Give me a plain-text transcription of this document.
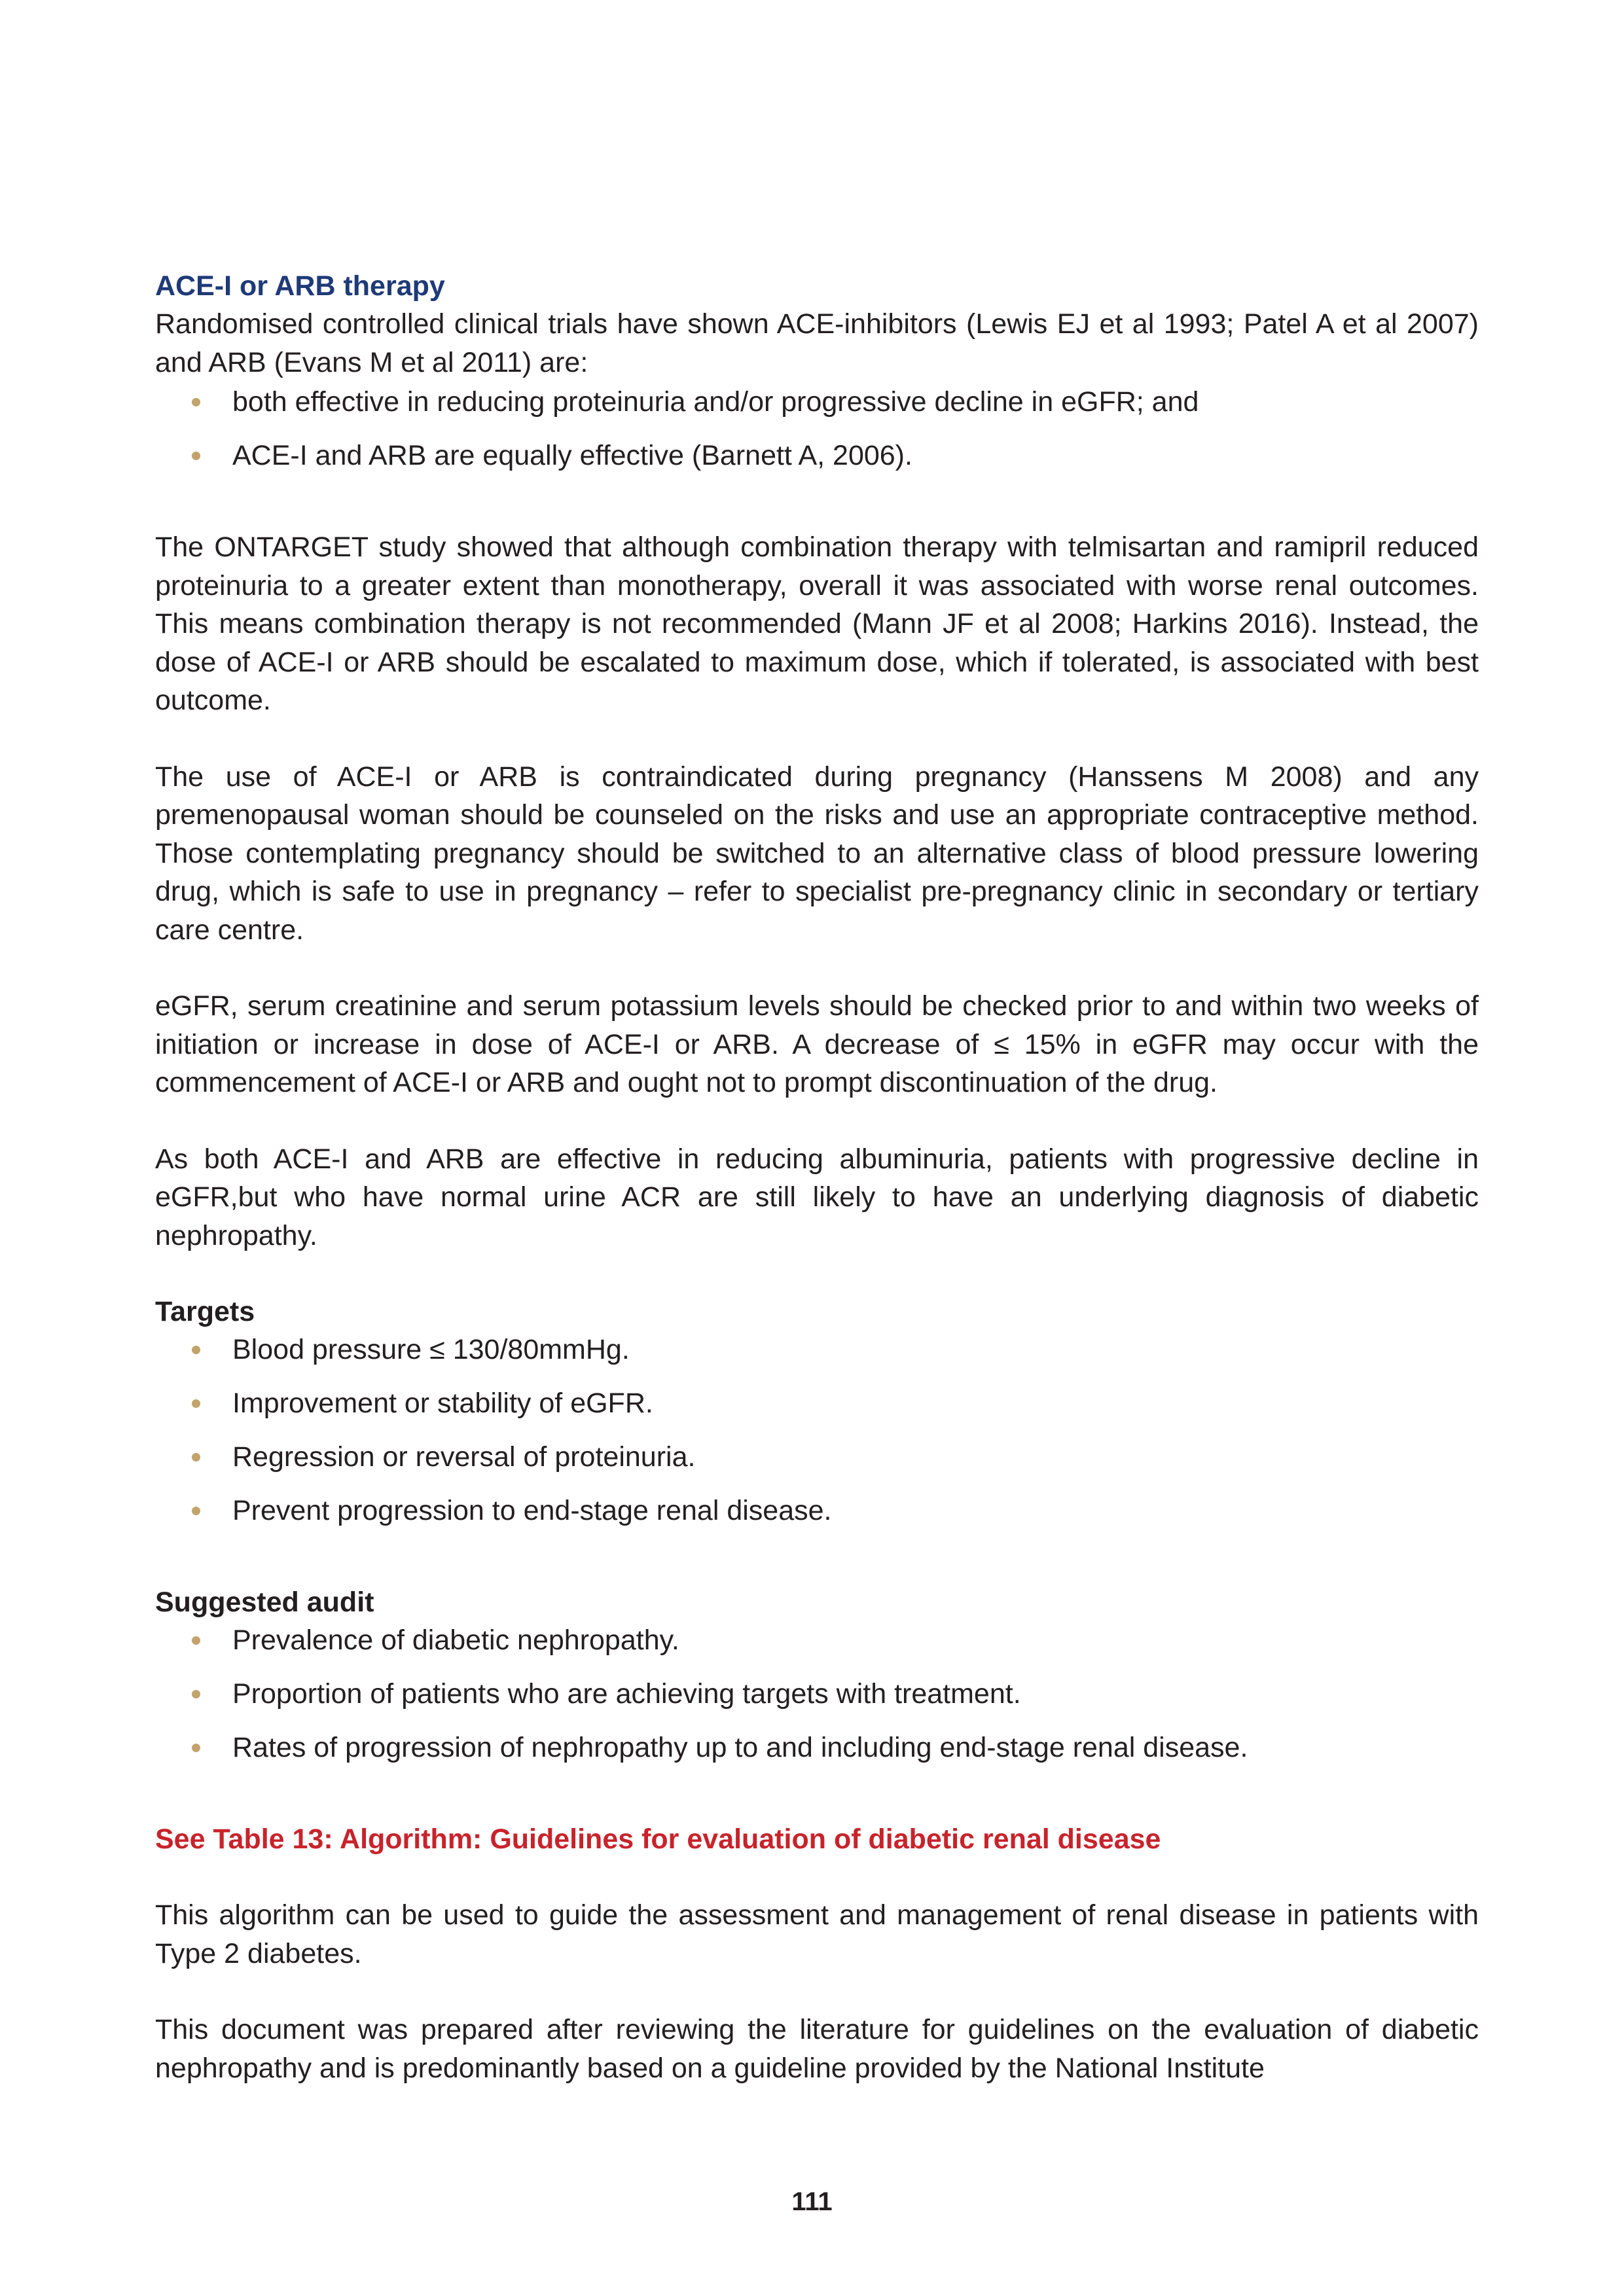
ACE-I or ARB therapy

Randomised controlled clinical trials have shown ACE-inhibitors (Lewis EJ et al 1993; Patel A et al 2007) and ARB (Evans M et al 2011) are:

both effective in reducing proteinuria and/or progressive decline in eGFR; and
ACE-I and ARB are equally effective (Barnett A, 2006).

The ONTARGET study showed that although combination therapy with telmisartan and ramipril reduced proteinuria to a greater extent than monotherapy, overall it was associated with worse renal outcomes. This means combination therapy is not recommended (Mann JF et al 2008; Harkins 2016). Instead, the dose of ACE-I or ARB should be escalated to maximum dose, which if tolerated, is associated with best outcome.

The use of ACE-I or ARB is contraindicated during pregnancy (Hanssens M 2008) and any premenopausal woman should be counseled on the risks and use an appropriate contraceptive method. Those contemplating pregnancy should be switched to an alternative class of blood pressure lowering drug, which is safe to use in pregnancy – refer to specialist pre-pregnancy clinic in secondary or tertiary care centre.

eGFR, serum creatinine and serum potassium levels should be checked prior to and within two weeks of initiation or increase in dose of ACE-I or ARB. A decrease of ≤ 15% in eGFR may occur with the commencement of ACE-I or ARB and ought not to prompt discontinuation of the drug.

As both ACE-I and ARB are effective in reducing albuminuria, patients with progressive decline in eGFR,but who have normal urine ACR are still likely to have an underlying diagnosis of diabetic nephropathy.

Targets
Blood pressure ≤ 130/80mmHg.
Improvement or stability of eGFR.
Regression or reversal of proteinuria.
Prevent progression to end-stage renal disease.
Suggested audit
Prevalence of diabetic nephropathy.
Proportion of patients who are achieving targets with treatment.
Rates of progression of nephropathy up to and including end-stage renal disease.
See Table 13: Algorithm: Guidelines for evaluation of diabetic renal disease

This algorithm can be used to guide the assessment and management of renal disease in patients with Type 2 diabetes.

This document was prepared after reviewing the literature for guidelines on the evaluation of diabetic nephropathy and is predominantly based on a guideline provided by the National Institute

111
